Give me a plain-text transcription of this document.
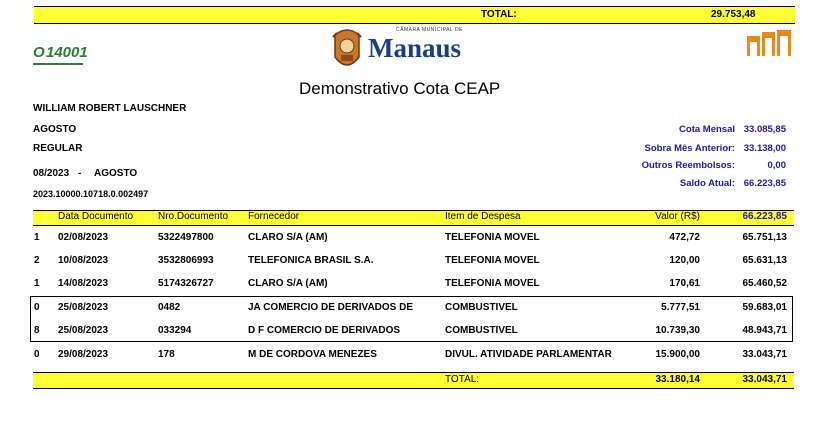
TOTAL:	29.753,48
O 14001
CÂMARA MUNICIPAL DE
Manaus
Demonstrativo Cota CEAP
WILLIAM ROBERT LAUSCHNER
AGOSTO
REGULAR
08/2023 - AGOSTO
2023.10000.10718.0.002497
Cota Mensal 33.085,85
Sobra Mês Anterior: 33.138,00
Outros Reembolsos:	0,00
Saldo Atual: 66.223,85
Data Documento Nro.Documento Fornecedor	Item de Despesa	Valor (R$)	66.223,85
1 02/08/2023	5322497800	CLARO S/A (AM)	TELEFONIA MOVEL	472,72	65.751,13
2 10/08/2023	3532806993	TELEFONICA BRASIL S.A.	TELEFONIA MOVEL	120,00	65.631,13
1 14/08/2023	5174326727	CLARO S/A (AM)	TELEFONIA MOVEL	170,61	65.460,52
0 25/08/2023	0482	JA COMERCIO DE DERIVADOS DE	COMBUSTIVEL	5.777,51	59.683,01
8 25/08/2023	033294	D F COMERCIO DE DERIVADOS	COMBUSTIVEL	10.739,30	48.943,71
0 29/08/2023	178	M DE CORDOVA MENEZES	DIVUL. ATIVIDADE PARLAMENTAR	15.900,00	33.043,71
TOTAL:	33.180,14	33.043,71
